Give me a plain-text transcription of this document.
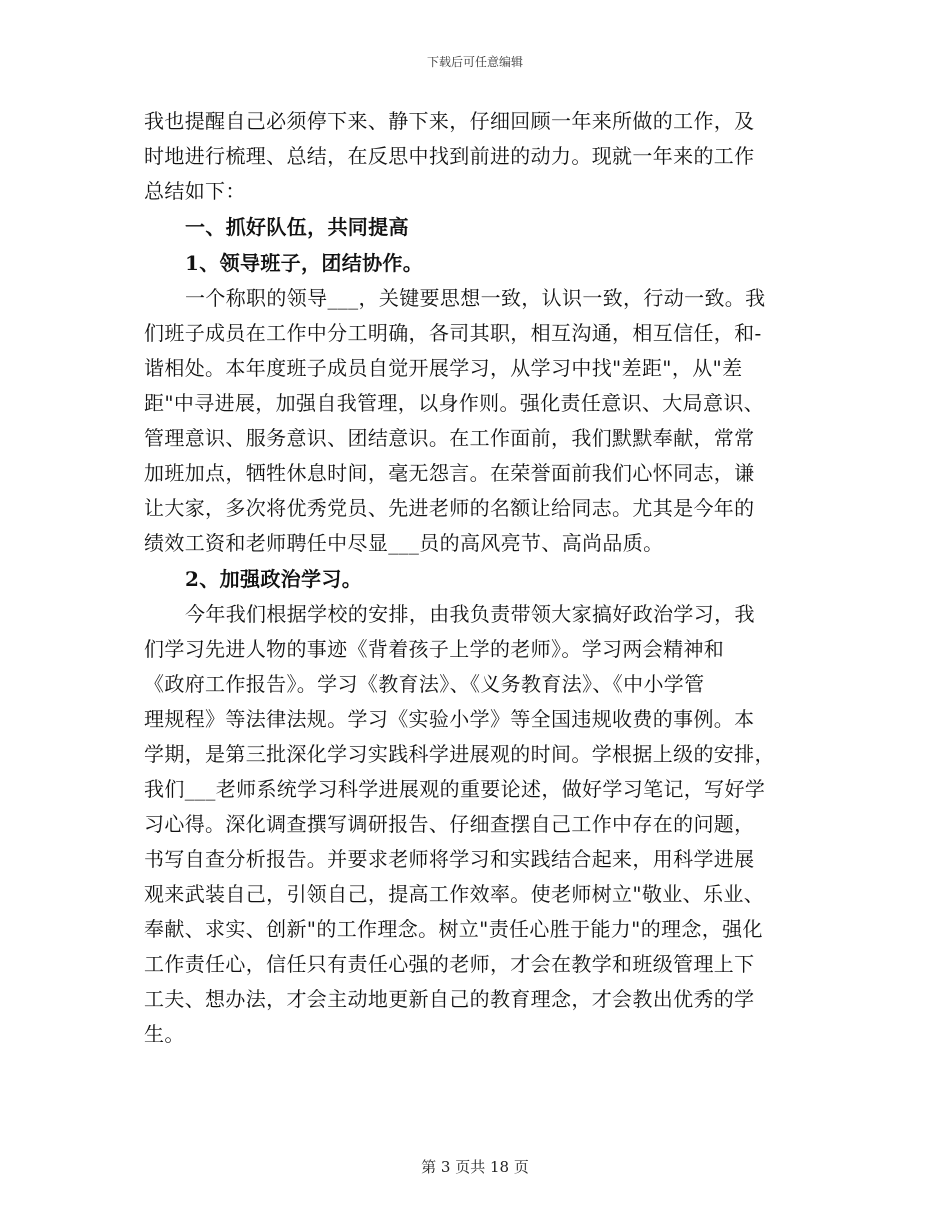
下载后可任意编辑
我也提醒自己必须停下来、静下来，仔细回顾一年来所做的工作，及
时地进行梳理、总结，在反思中找到前进的动力。现就一年来的工作
总结如下：
一、抓好队伍，共同提高
1、领导班子，团结协作。
一个称职的领导___，关键要思想一致，认识一致，行动一致。我
们班子成员在工作中分工明确，各司其职，相互沟通，相互信任，和-
谐相处。本年度班子成员自觉开展学习，从学习中找"差距"，从"差
距"中寻进展，加强自我管理，以身作则。强化责任意识、大局意识、
管理意识、服务意识、团结意识。在工作面前，我们默默奉献，常常
加班加点，牺牲休息时间，毫无怨言。在荣誉面前我们心怀同志，谦
让大家，多次将优秀党员、先进老师的名额让给同志。尤其是今年的
绩效工资和老师聘任中尽显___员的高风亮节、高尚品质。
2、加强政治学习。
今年我们根据学校的安排，由我负责带领大家搞好政治学习，我
们学习先进人物的事迹《背着孩子上学的老师》。学习两会精神和
《政府工作报告》。学习《教育法》、《义务教育法》、《中小学管
理规程》等法律法规。学习《实验小学》等全国违规收费的事例。本
学期，是第三批深化学习实践科学进展观的时间。学根据上级的安排，
我们___老师系统学习科学进展观的重要论述，做好学习笔记，写好学
习心得。深化调查撰写调研报告、仔细查摆自己工作中存在的问题，
书写自查分析报告。并要求老师将学习和实践结合起来，用科学进展
观来武装自己，引领自己，提高工作效率。使老师树立"敬业、乐业、
奉献、求实、创新"的工作理念。树立"责任心胜于能力"的理念，强化
工作责任心，信任只有责任心强的老师，才会在教学和班级管理上下
工夫、想办法，才会主动地更新自己的教育理念，才会教出优秀的学
生。
第 3 页共 18 页
